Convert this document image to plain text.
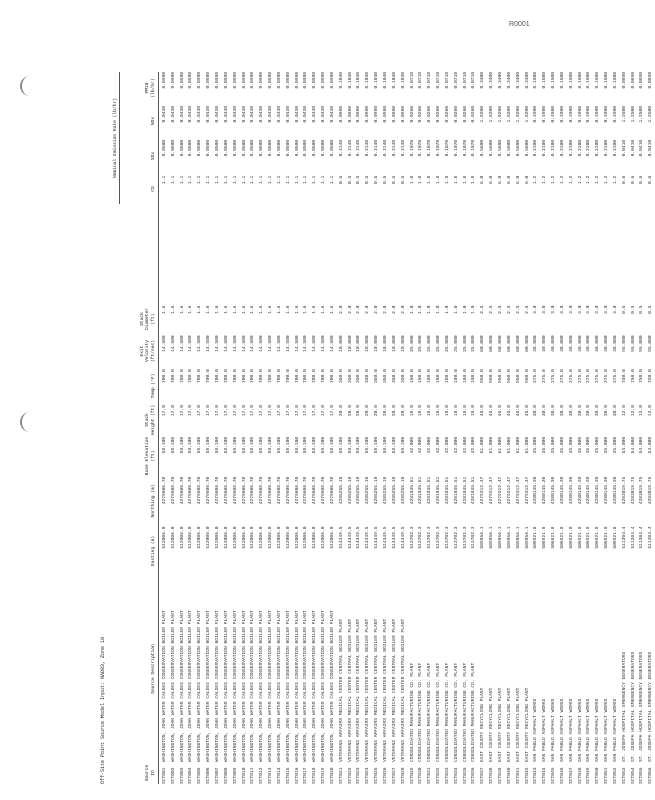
Off-Site Point Source Model Input: NAD83, Zone 10
Nominal Emission Rate (lb/hr)
Source ID
Source Description
Easting (m)
Northing (m)
Base Elevation (ft)
Stack Height (ft)
Temp (°F)
Exit Velocity (ft/sec)
Stack Diameter (ft)
CO
SOx
NOx
PM10 (lb/hr)
SCT001	WASHINGTON, JOHN WATER CALDES CONSERVATION BOILER PLANT	512006.0	4279606.70	58.100	17.0	700.0	14.500	1.6	1.1	0.0500	0.0430	0.0980
SCT002	WASHINGTON, JOHN WATER CALDES CONSERVATION BOILER PLANT	512006.0	4279606.70	58.100	17.0	700.0	14.500	1.6	1.1	0.0500	0.0430	0.0980
SCT003	WASHINGTON, JOHN WATER CALDES CONSERVATION BOILER PLANT	512006.0	4279606.70	58.100	17.0	700.0	14.500	1.6	1.1	0.0500	0.0430	0.0980
SCT004	WASHINGTON, JOHN WATER CALDES CONSERVATION BOILER PLANT	512006.0	4279606.70	58.100	17.0	700.0	14.500	1.6	1.1	0.0500	0.0430	0.0980
SCT005	WASHINGTON, JOHN WATER CALDES CONSERVATION BOILER PLANT	512006.0	4279606.70	58.100	17.0	700.0	14.500	1.6	1.1	0.0500	0.0430	0.0980
SCT006	WASHINGTON, JOHN WATER CALDES CONSERVATION BOILER PLANT	512006.0	4279606.70	58.100	17.0	700.0	14.500	1.6	1.1	0.0500	0.0430	0.0980
SCT007	WASHINGTON, JOHN WATER CALDES CONSERVATION BOILER PLANT	512006.0	4279606.70	58.100	17.0	700.0	14.500	1.6	1.1	0.0500	0.0430	0.0980
SCT008	WASHINGTON, JOHN WATER CALDES CONSERVATION BOILER PLANT	512006.0	4279606.70	58.100	17.0	700.0	14.500	1.6	1.1	0.0500	0.0430	0.0980
SCT009	WASHINGTON, JOHN WATER CALDES CONSERVATION BOILER PLANT	512006.0	4279606.70	58.100	17.0	700.0	14.500	1.6	1.1	0.0500	0.0430	0.0980
SCT010	WASHINGTON, JOHN WATER CALDES CONSERVATION BOILER PLANT	512006.0	4279606.70	58.100	17.0	700.0	14.500	1.6	1.1	0.0500	0.0430	0.0980
SCT011	WASHINGTON, JOHN WATER CALDES CONSERVATION BOILER PLANT	512006.0	4279606.70	58.100	17.0	700.0	14.500	1.6	1.1	0.0500	0.0430	0.0980
SCT012	WASHINGTON, JOHN WATER CALDES CONSERVATION BOILER PLANT	512006.0	4279606.70	58.100	17.0	700.0	14.500	1.6	1.1	0.0500	0.0430	0.0980
SCT013	WASHINGTON, JOHN WATER CALDES CONSERVATION BOILER PLANT	512006.0	4279606.70	58.100	17.0	700.0	14.500	1.6	1.1	0.0500	0.0430	0.0980
SCT014	WASHINGTON, JOHN WATER CALDES CONSERVATION BOILER PLANT	512006.0	4279606.70	58.100	17.0	700.0	14.500	1.6	1.1	0.0500	0.0430	0.0980
SCT015	WASHINGTON, JOHN WATER CALDES CONSERVATION BOILER PLANT	512006.0	4279606.70	58.100	17.0	700.0	14.500	1.6	1.1	0.0500	0.0430	0.0980
SCT016	WASHINGTON, JOHN WATER CALDES CONSERVATION BOILER PLANT	512006.0	4279606.70	58.100	17.0	700.0	14.500	1.6	1.1	0.0500	0.0430	0.0980
SCT017	WASHINGTON, JOHN WATER CALDES CONSERVATION BOILER PLANT	512006.0	4279606.70	58.100	17.0	700.0	14.500	1.6	1.1	0.0500	0.0430	0.0980
SCT018	WASHINGTON, JOHN WATER CALDES CONSERVATION BOILER PLANT	512006.0	4279606.70	58.100	17.0	700.0	14.500	1.6	1.1	0.0500	0.0430	0.0980
SCT019	WASHINGTON, JOHN WATER CALDES CONSERVATION BOILER PLANT	512006.0	4279606.70	58.100	17.0	700.0	14.500	1.6	1.1	0.0500	0.0430	0.0980
SCT020	WASHINGTON, JOHN WATER CALDES CONSERVATION BOILER PLANT	512006.0	4279606.70	58.100	17.0	700.0	14.500	1.6	1.1	0.0500	0.0430	0.0980
SCT021	VETERANS AFFAIRS MEDICAL CENTER CENTRAL BOILER PLANT	514349.5	4285255.18	58.100	20.0	350.0	10.000	2.0	0.5	0.2140	0.0980	0.1040
SCT022	VETERANS AFFAIRS MEDICAL CENTER CENTRAL BOILER PLANT	514349.5	4285255.18	58.100	20.0	350.0	10.000	2.0	0.5	0.2140	0.0980	0.1040
SCT023	VETERANS AFFAIRS MEDICAL CENTER CENTRAL BOILER PLANT	514349.5	4285255.18	58.100	20.0	350.0	10.000	2.0	0.5	0.2140	0.0980	0.1040
SCT024	VETERANS AFFAIRS MEDICAL CENTER CENTRAL BOILER PLANT	514349.5	4285255.18	58.100	20.0	350.0	10.000	2.0	0.5	0.2140	0.0980	0.1040
SCT025	VETERANS AFFAIRS MEDICAL CENTER CENTRAL BOILER PLANT	514349.5	4285255.18	58.100	20.0	350.0	10.000	2.0	0.5	0.2140	0.0980	0.1040
SCT026	VETERANS AFFAIRS MEDICAL CENTER CENTRAL BOILER PLANT	514349.5	4285255.18	58.100	20.0	350.0	10.000	2.0	0.5	0.2140	0.0980	0.1040
SCT027	VETERANS AFFAIRS MEDICAL CENTER CENTRAL BOILER PLANT	514349.5	4285255.18	58.100	20.0	350.0	10.000	2.0	0.5	0.2140	0.0980	0.1040
SCT028	VETERANS AFFAIRS MEDICAL CENTER CENTRAL BOILER PLANT	514349.5	4285255.18	58.100	20.0	350.0	10.000	2.0	0.5	0.2140	0.0980	0.1040
SCT029	CONSOLIDATED MANUFACTURING CO. PLANT	513702.3	4281845.51	42.000	18.0	180.0	25.000	1.0	1.8	0.1070	0.0260	0.0710
SCT030	CONSOLIDATED MANUFACTURING CO. PLANT	513702.3	4281845.51	42.000	18.0	180.0	25.000	1.0	1.8	0.1070	0.0260	0.0710
SCT031	CONSOLIDATED MANUFACTURING CO. PLANT	513702.3	4281845.51	42.000	18.0	180.0	25.000	1.0	1.8	0.1070	0.0260	0.0710
SCT032	CONSOLIDATED MANUFACTURING CO. PLANT	513702.3	4281845.51	42.000	18.0	180.0	25.000	1.0	1.8	0.1070	0.0260	0.0710
SCT033	CONSOLIDATED MANUFACTURING CO. PLANT	513702.3	4281845.51	42.000	18.0	180.0	25.000	1.0	1.8	0.1070	0.0260	0.0710
SCT034	CONSOLIDATED MANUFACTURING CO. PLANT	513702.3	4281845.51	42.000	18.0	180.0	25.000	1.0	1.8	0.1070	0.0260	0.0710
SCT035	CONSOLIDATED MANUFACTURING CO. PLANT	513702.3	4281845.51	42.000	18.0	180.0	25.000	1.0	1.8	0.1070	0.0260	0.0710
SCT036	CONSOLIDATED MANUFACTURING CO. PLANT	513702.3	4281845.51	42.000	18.0	180.0	25.000	1.0	1.8	0.1070	0.0260	0.0710
SCT037	EAST COUNTY RECYCLING PLANT	509856.1	4279312.47	61.000	45.0	950.0	60.000	2.5	6.0	0.5600	1.8200	0.3400
SCT038	EAST COUNTY RECYCLING PLANT	509856.1	4279312.47	61.000	45.0	950.0	60.000	2.5	6.0	0.5600	1.8200	0.3400
SCT039	EAST COUNTY RECYCLING PLANT	509856.1	4279312.47	61.000	45.0	950.0	60.000	2.5	6.0	0.5600	1.8200	0.3400
SCT040	EAST COUNTY RECYCLING PLANT	509856.1	4279312.47	61.000	45.0	950.0	60.000	2.5	6.0	0.5600	1.8200	0.3400
SCT041	EAST COUNTY RECYCLING PLANT	509856.1	4279312.47	61.000	45.0	950.0	60.000	2.5	6.0	0.5600	1.8200	0.3400
SCT042	EAST COUNTY RECYCLING PLANT	509856.1	4279312.47	61.000	45.0	950.0	60.000	2.5	6.0	0.5600	1.8200	0.3400
SCT043	SAN PABLO ASPHALT WORKS	506921.8	4280145.20	35.000	30.0	275.0	40.000	3.0	1.2	0.2100	0.4900	0.1500
SCT044	SAN PABLO ASPHALT WORKS	506921.8	4280145.20	35.000	30.0	275.0	40.000	3.0	1.2	0.2100	0.4900	0.1500
SCT045	SAN PABLO ASPHALT WORKS	506921.8	4280145.20	35.000	30.0	275.0	40.000	3.0	1.2	0.2100	0.4900	0.1500
SCT046	SAN PABLO ASPHALT WORKS	506921.8	4280145.20	35.000	30.0	275.0	40.000	3.0	1.2	0.2100	0.4900	0.1500
SCT047	SAN PABLO ASPHALT WORKS	506921.8	4280145.20	35.000	30.0	275.0	40.000	3.0	1.2	0.2100	0.4900	0.1500
SCT048	SAN PABLO ASPHALT WORKS	506921.8	4280145.20	35.000	30.0	275.0	40.000	3.0	1.2	0.2100	0.4900	0.1500
SCT049	SAN PABLO ASPHALT WORKS	506921.8	4280145.20	35.000	30.0	275.0	40.000	3.0	1.2	0.2100	0.4900	0.1500
SCT050	SAN PABLO ASPHALT WORKS	506921.8	4280145.20	35.000	30.0	275.0	40.000	3.0	1.2	0.2100	0.4900	0.1500
SCT051	SAN PABLO ASPHALT WORKS	506921.8	4280145.20	35.000	30.0	275.0	40.000	3.0	1.2	0.2100	0.4900	0.1500
SCT052	SAN PABLO ASPHALT WORKS	506921.8	4280145.20	35.000	30.0	275.0	40.000	3.0	1.2	0.2100	0.4900	0.1500
SCT053	ST. JOSEPH HOSPITAL EMERGENCY GENERATORS	511204.4	4283019.75	54.000	12.0	750.0	95.000	0.5	0.6	0.0410	1.2500	0.0890
SCT054	ST. JOSEPH HOSPITAL EMERGENCY GENERATORS	511204.4	4283019.75	54.000	12.0	750.0	95.000	0.5	0.6	0.0410	1.2500	0.0890
SCT055	ST. JOSEPH HOSPITAL EMERGENCY GENERATORS	511204.4	4283019.75	54.000	12.0	750.0	95.000	0.5	0.6	0.0410	1.2500	0.0890
SCT056	ST. JOSEPH HOSPITAL EMERGENCY GENERATORS	511204.4	4283019.75	54.000	12.0	750.0	95.000	0.5	0.6	0.0410	1.2500	0.0890
R0001
